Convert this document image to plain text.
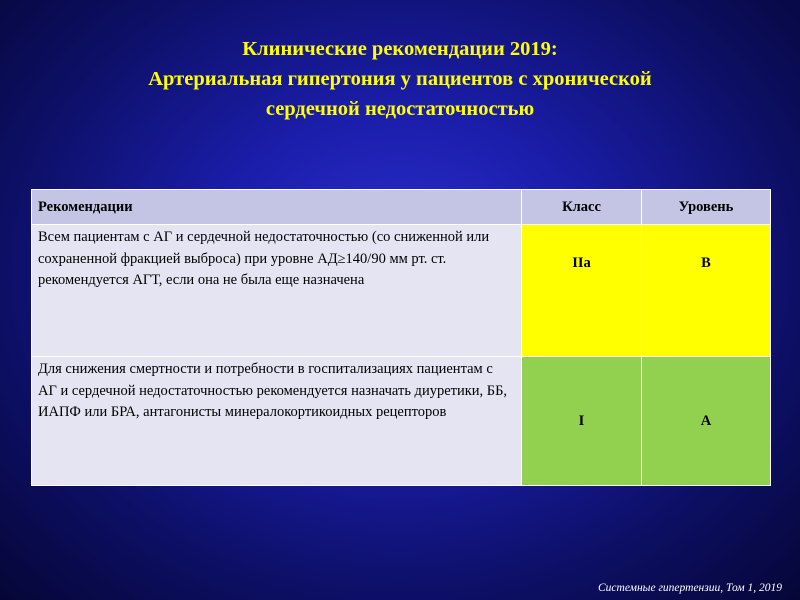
Клинические рекомендации 2019:
Артериальная гипертония у пациентов с хронической
сердечной недостаточностью
Рекомендации	Класс	Уровень
Всем пациентам с АГ и сердечной недостаточностью (со сниженной или сохраненной фракцией выброса) при уровне АД≥140/90 мм рт. ст. рекомендуется АГТ, если она не была еще назначена	IIa	B
Для снижения смертности и потребности в госпитализациях пациентам с АГ и сердечной недостаточностью рекомендуется назначать диуретики, ББ, ИАПФ или БРА, антагонисты минералокортикоидных рецепторов	I	A
Системные гипертензии, Том 1, 2019
